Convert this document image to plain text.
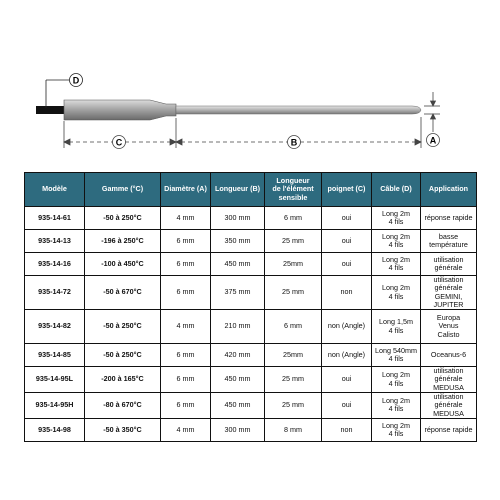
D
C	B	A
Modèle	Gamme (°C)	Diamètre (A)	Longueur (B)	Longueur
de l'élément
sensible	poignet (C)	Câble (D)	Application
935-14-61	-50 à 250°C	4 mm	300 mm	6 mm	oui	Long 2m
4 fils	réponse rapide
935-14-13	-196 à 250°C	6 mm	350 mm	25 mm	oui	Long 2m
4 fils	basse température
935-14-16	-100 à 450°C	6 mm	450 mm	25mm	oui	Long 2m
4 fils	utilisation
générale
935-14-72	-50 à 670°C	6 mm	375 mm	25 mm	non	Long 2m
4 fils	utilisation générale
GEMINI,
JUPITER
935-14-82	-50 à 250°C	4 mm	210 mm	6 mm	non (Angle)	Long 1,5m
4 fils	Europa
Venus
Calisto
935-14-85	-50 à 250°C	6 mm	420 mm	25mm	non (Angle)	Long 540mm
4 fils	Oceanus-6
935-14-95L	-200 à 165°C	6 mm	450 mm	25 mm	oui	Long 2m
4 fils	utilisation générale
MEDUSA
935-14-95H	-80 à 670°C	6 mm	450 mm	25 mm	oui	Long 2m
4 fils	utilisation générale
MEDUSA
935-14-98	-50 à 350°C	4 mm	300 mm	8 mm	non	Long 2m
4 fils	réponse rapide
